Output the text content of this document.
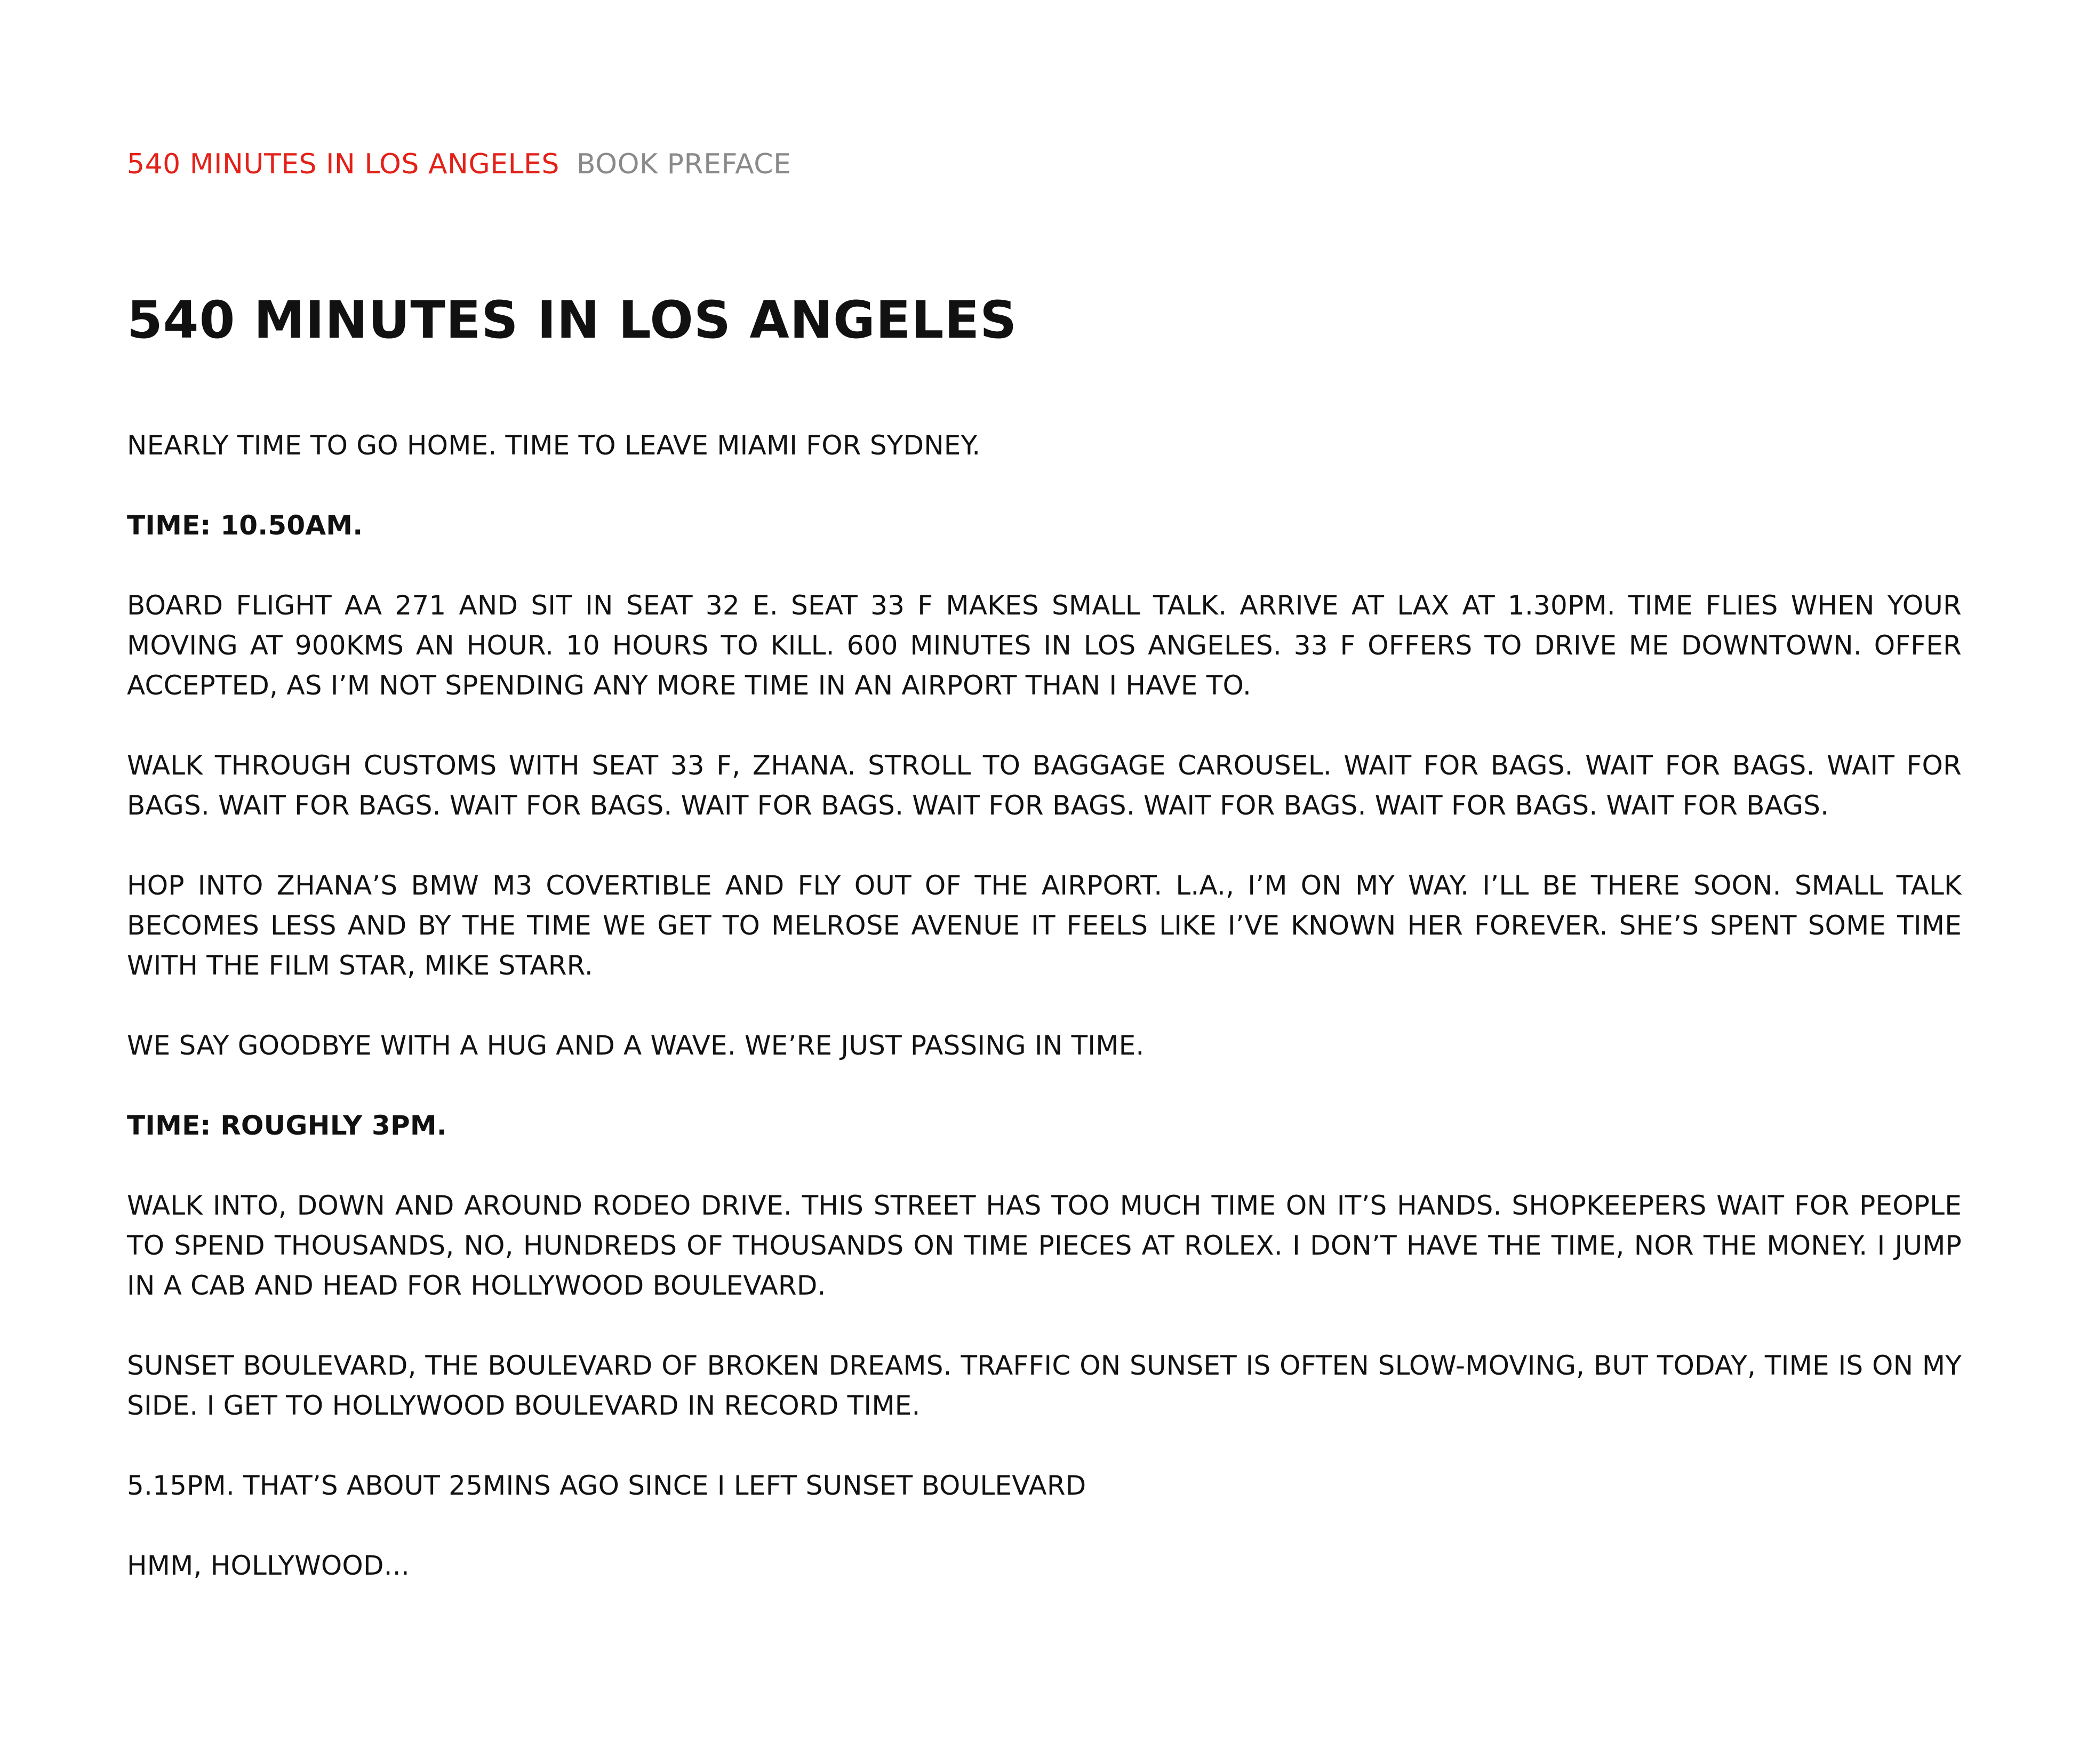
540 MINUTES IN LOS ANGELES BOOK PREFACE
540 MINUTES IN LOS ANGELES

NEARLY TIME TO GO HOME. TIME TO LEAVE MIAMI FOR SYDNEY.

TIME: 10.50AM.

BOARD FLIGHT AA 271 AND SIT IN SEAT 32 E. SEAT 33 F MAKES SMALL TALK. ARRIVE AT LAX AT 1.30PM. TIME FLIES WHEN YOUR MOVING AT 900KMS AN HOUR. 10 HOURS TO KILL. 600 MINUTES IN LOS ANGELES. 33 F OFFERS TO DRIVE ME DOWNTOWN. OFFER ACCEPTED, AS I’M NOT SPENDING ANY MORE TIME IN AN AIRPORT THAN I HAVE TO.

WALK THROUGH CUSTOMS WITH SEAT 33 F, ZHANA. STROLL TO BAGGAGE CAROUSEL. WAIT FOR BAGS. WAIT FOR BAGS. WAIT FOR BAGS. WAIT FOR BAGS. WAIT FOR BAGS. WAIT FOR BAGS. WAIT FOR BAGS. WAIT FOR BAGS. WAIT FOR BAGS. WAIT FOR BAGS.

HOP INTO ZHANA’S BMW M3 COVERTIBLE AND FLY OUT OF THE AIRPORT. L.A., I’M ON MY WAY. I’LL BE THERE SOON. SMALL TALK BECOMES LESS AND BY THE TIME WE GET TO MELROSE AVENUE IT FEELS LIKE I’VE KNOWN HER FOREVER. SHE’S SPENT SOME TIME WITH THE FILM STAR, MIKE STARR.

WE SAY GOODBYE WITH A HUG AND A WAVE. WE’RE JUST PASSING IN TIME.

TIME: ROUGHLY 3PM.

WALK INTO, DOWN AND AROUND RODEO DRIVE. THIS STREET HAS TOO MUCH TIME ON IT’S HANDS. SHOPKEEPERS WAIT FOR PEOPLE TO SPEND THOUSANDS, NO, HUNDREDS OF THOUSANDS ON TIME PIECES AT ROLEX. I DON’T HAVE THE TIME, NOR THE MONEY. I JUMP IN A CAB AND HEAD FOR HOLLYWOOD BOULEVARD.

SUNSET BOULEVARD, THE BOULEVARD OF BROKEN DREAMS. TRAFFIC ON SUNSET IS OFTEN SLOW-MOVING, BUT TODAY, TIME IS ON MY SIDE. I GET TO HOLLYWOOD BOULEVARD IN RECORD TIME.

5.15PM. THAT’S ABOUT 25MINS AGO SINCE I LEFT SUNSET BOULEVARD

HMM, HOLLYWOOD...
